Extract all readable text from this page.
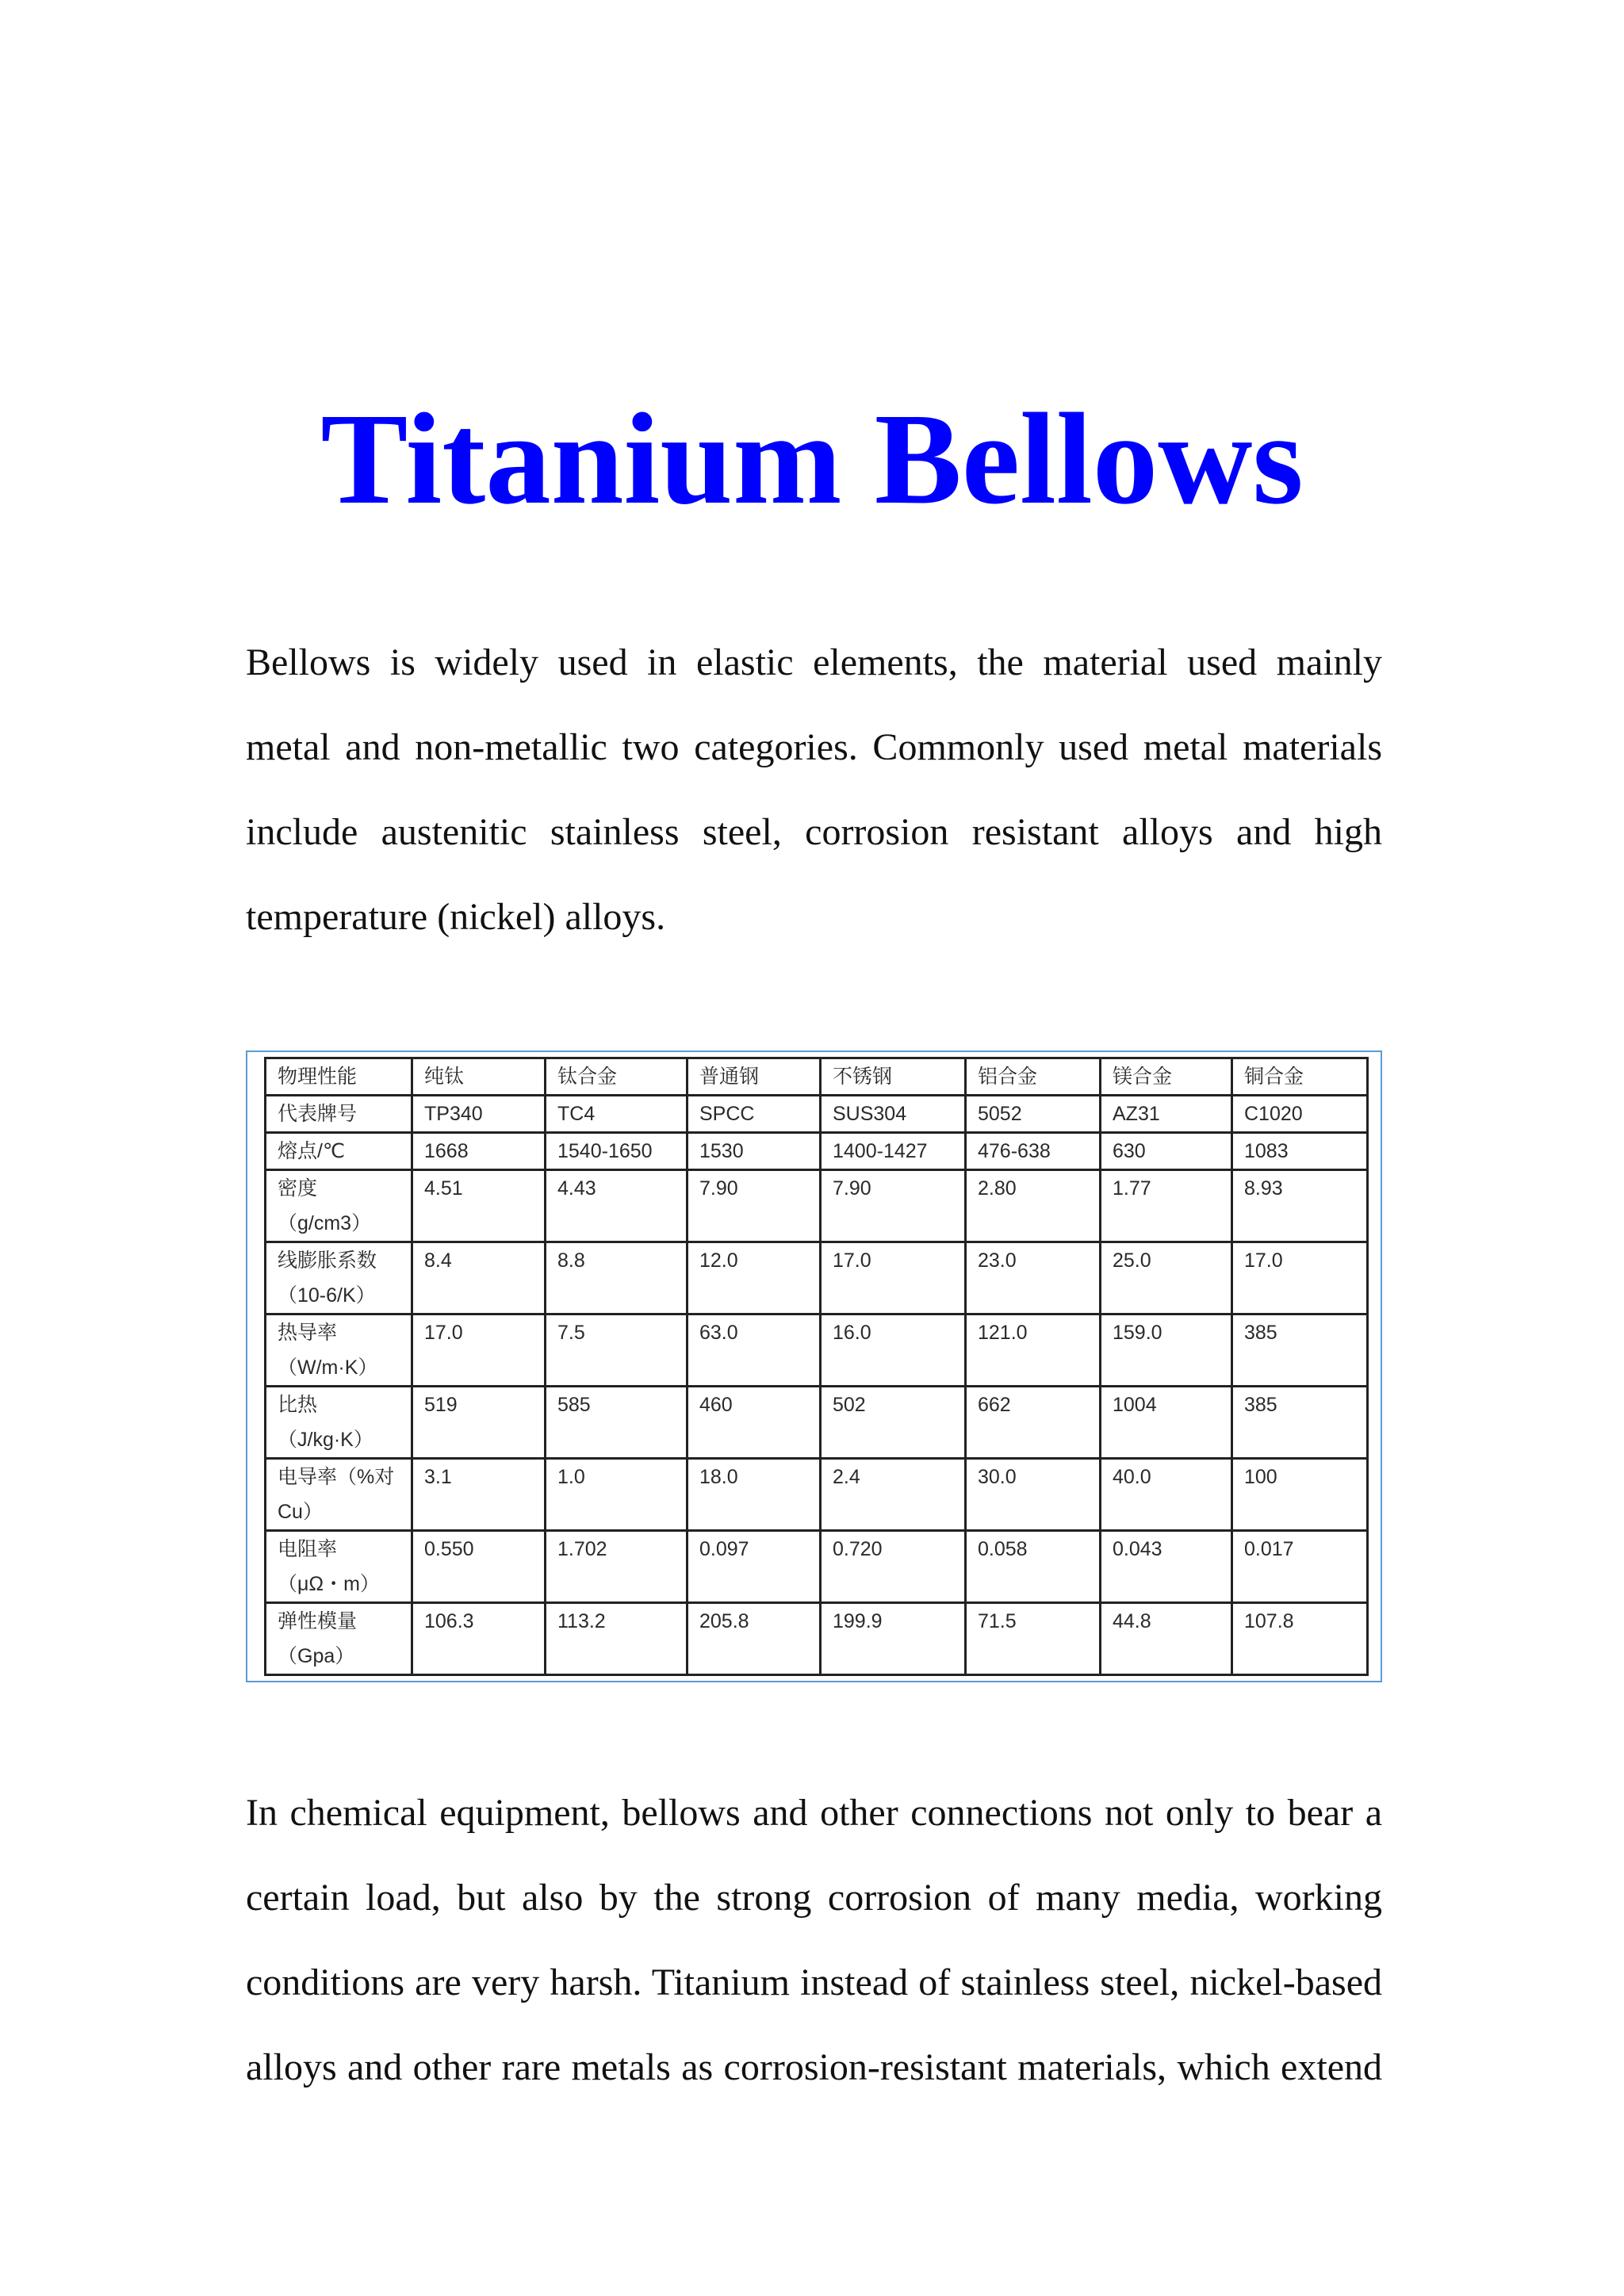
Titanium Bellows
Bellows is widely used in elastic elements, the material used mainly
metal and non-metallic two categories. Commonly used metal materials
include austenitic stainless steel, corrosion resistant alloys and high
temperature (nickel) alloys.
物理性能	纯钛	钛合金	普通钢	不锈钢	铝合金	镁合金	铜合金
代表牌号	TP340	TC4	SPCC	SUS304	5052	AZ31	C1020
熔点/℃	1668	1540-1650	1530	1400-1427	476-638	630	1083

密度
（g/cm3）	4.51	4.43	7.90	7.90	2.80	1.77	8.93

线膨胀系数
（10-6/K）	8.4	8.8	12.0	17.0	23.0	25.0	17.0

热导率
（W/m·K）	17.0	7.5	63.0	16.0	121.0	159.0	385

比热
（J/kg·K）	519	585	460	502	662	1004	385

电导率（%对
Cu）	3.1	1.0	18.0	2.4	30.0	40.0	100

电阻率
（μΩ・m）	0.550	1.702	0.097	0.720	0.058	0.043	0.017

弹性模量
（Gpa）	106.3	113.2	205.8	199.9	71.5	44.8	107.8
In chemical equipment, bellows and other connections not only to bear a
certain load, but also by the strong corrosion of many media, working
conditions are very harsh. Titanium instead of stainless steel, nickel-based
alloys and other rare metals as corrosion-resistant materials, which extend
